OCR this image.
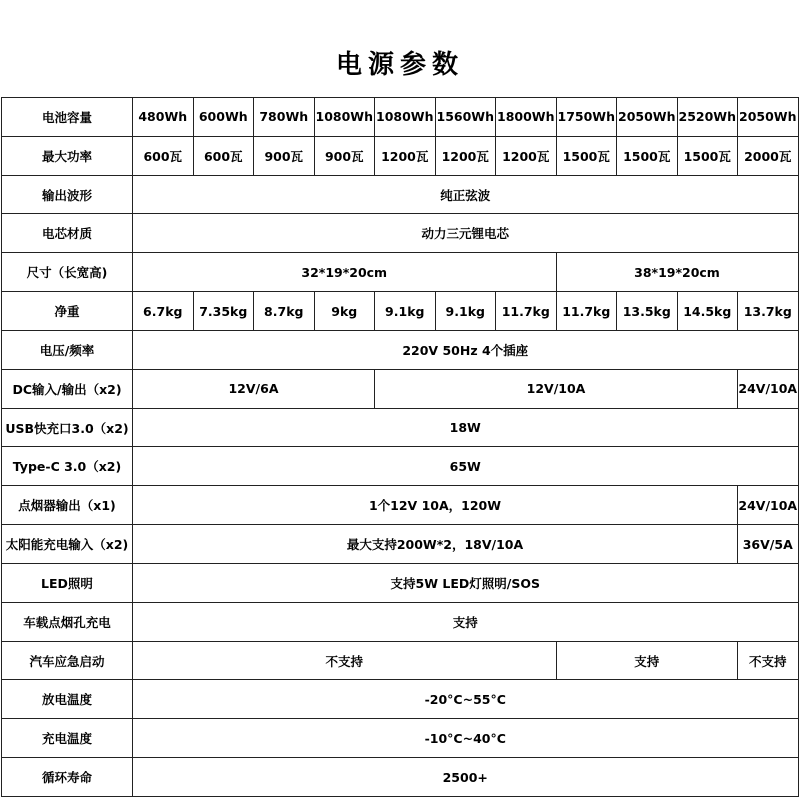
电源参数
电池容量	480Wh	600Wh	780Wh	1080Wh	1080Wh	1560Wh	1800Wh	1750Wh	2050Wh	2520Wh	2050Wh
最大功率	600瓦	600瓦	900瓦	900瓦	1200瓦	1200瓦	1200瓦	1500瓦	1500瓦	1500瓦	2000瓦
输出波形	纯正弦波										
电芯材质	动力三元锂电芯										
尺寸（长宽高)	32*19*20cm							38*19*20cm			
净重	6.7kg	7.35kg	8.7kg	9kg	9.1kg	9.1kg	11.7kg	11.7kg	13.5kg	14.5kg	13.7kg
电压/频率	220V 50Hz 4个插座										
DC输入/输出（x2)	12V/6A				12V/10A						24V/10A
USB快充口3.0（x2)	18W										
Type-C 3.0（x2)	65W										
点烟器输出（x1)	1个12V 10A，120W										24V/10A
太阳能充电输入（x2)	最大支持200W*2，18V/10A										36V/5A
LED照明	支持5W LED灯照明/SOS										
车载点烟孔充电	支持										
汽车应急启动	不支持							支持			不支持
放电温度	-20°C~55°C										
充电温度	-10°C~40°C										
循环寿命	2500+										
